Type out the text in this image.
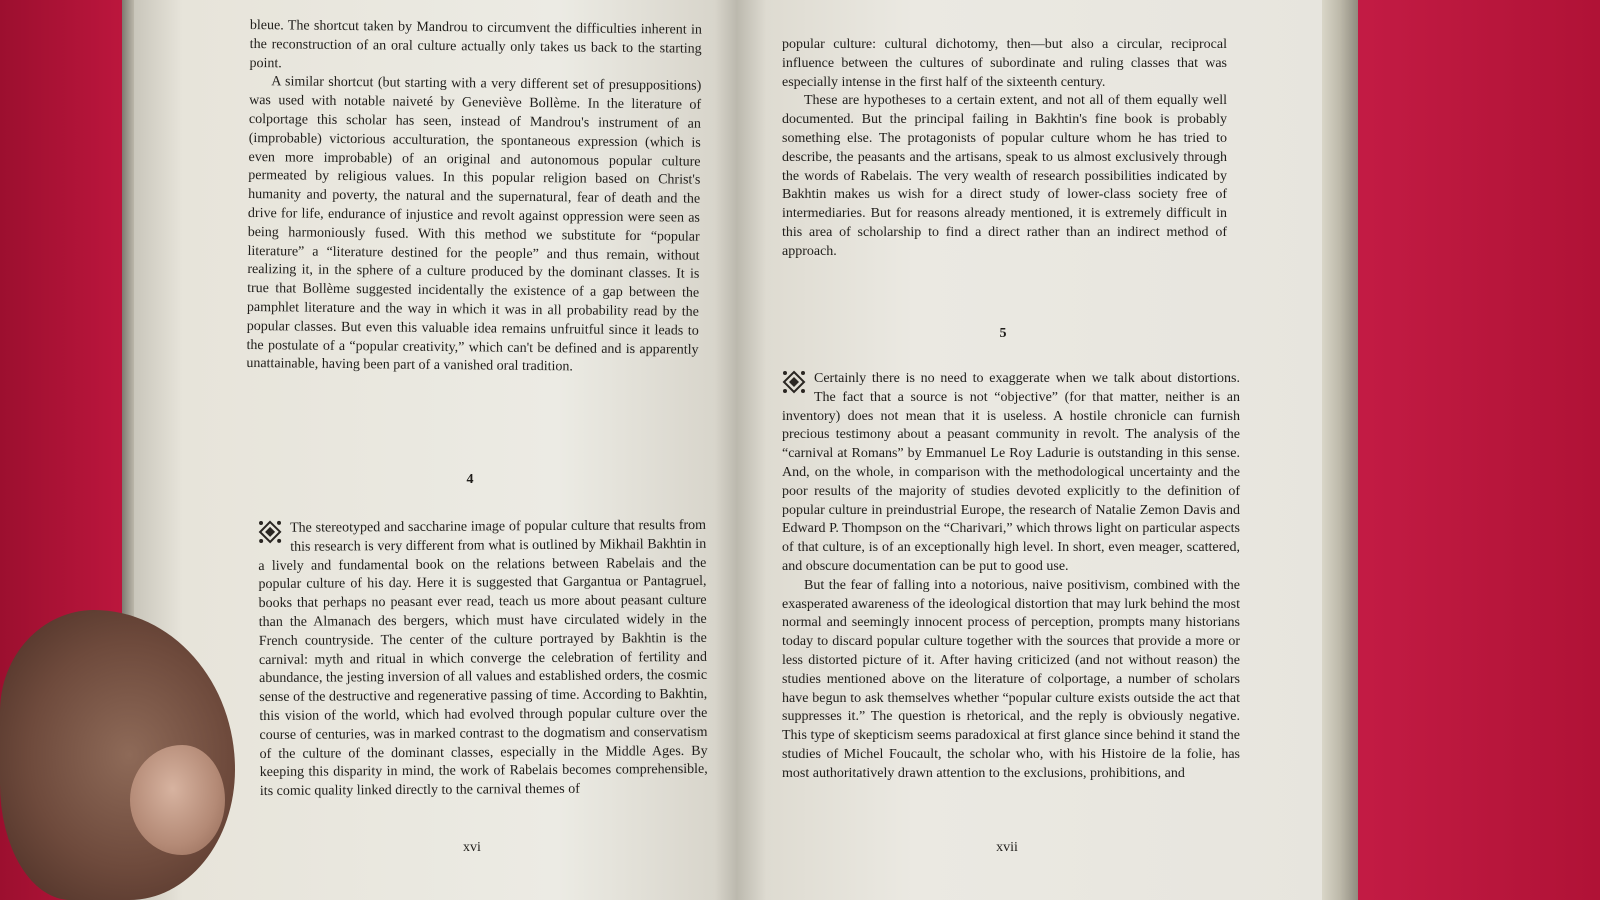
bleue. The shortcut taken by Mandrou to circumvent the difficulties inherent in the reconstruction of an oral culture actually only takes us back to the starting point.

A similar shortcut (but starting with a very different set of presuppositions) was used with notable naiveté by Geneviève Bollème. In the literature of colportage this scholar has seen, instead of Mandrou's instrument of an (improbable) victorious acculturation, the spontaneous expression (which is even more improbable) of an original and autonomous popular culture permeated by religious values. In this popular religion based on Christ's humanity and poverty, the natural and the supernatural, fear of death and the drive for life, endurance of injustice and revolt against oppression were seen as being harmoniously fused. With this method we substitute for “popular literature” a “literature destined for the people” and thus remain, without realizing it, in the sphere of a culture produced by the dominant classes. It is true that Bollème suggested incidentally the existence of a gap between the pamphlet literature and the way in which it was in all probability read by the popular classes. But even this valuable idea remains unfruitful since it leads to the postulate of a “popular creativity,” which can't be defined and is apparently unattainable, having been part of a vanished oral tradition.

4

The stereotyped and saccharine image of popular culture that results from this research is very different from what is outlined by Mikhail Bakhtin in a lively and fundamental book on the relations between Rabelais and the popular culture of his day. Here it is suggested that Gargantua or Pantagruel, books that perhaps no peasant ever read, teach us more about peasant culture than the Almanach des bergers, which must have circulated widely in the French countryside. The center of the culture portrayed by Bakhtin is the carnival: myth and ritual in which converge the celebration of fertility and abundance, the jesting inversion of all values and established orders, the cosmic sense of the destructive and regenerative passing of time. According to Bakhtin, this vision of the world, which had evolved through popular culture over the course of centuries, was in marked contrast to the dogmatism and conservatism of the culture of the dominant classes, especially in the Middle Ages. By keeping this disparity in mind, the work of Rabelais becomes comprehensible, its comic quality linked directly to the carnival themes of

xvi

popular culture: cultural dichotomy, then—but also a circular, reciprocal influence between the cultures of subordinate and ruling classes that was especially intense in the first half of the sixteenth century.

These are hypotheses to a certain extent, and not all of them equally well documented. But the principal failing in Bakhtin's fine book is probably something else. The protagonists of popular culture whom he has tried to describe, the peasants and the artisans, speak to us almost exclusively through the words of Rabelais. The very wealth of research possibilities indicated by Bakhtin makes us wish for a direct study of lower-class society free of intermediaries. But for reasons already mentioned, it is extremely difficult in this area of scholarship to find a direct rather than an indirect method of approach.

5

Certainly there is no need to exaggerate when we talk about distortions. The fact that a source is not “objective” (for that matter, neither is an inventory) does not mean that it is useless. A hostile chronicle can furnish precious testimony about a peasant community in revolt. The analysis of the “carnival at Romans” by Emmanuel Le Roy Ladurie is outstanding in this sense. And, on the whole, in comparison with the methodological uncertainty and the poor results of the majority of studies devoted explicitly to the definition of popular culture in preindustrial Europe, the research of Natalie Zemon Davis and Edward P. Thompson on the “Charivari,” which throws light on particular aspects of that culture, is of an exceptionally high level. In short, even meager, scattered, and obscure documentation can be put to good use.

But the fear of falling into a notorious, naive positivism, combined with the exasperated awareness of the ideological distortion that may lurk behind the most normal and seemingly innocent process of perception, prompts many historians today to discard popular culture together with the sources that provide a more or less distorted picture of it. After having criticized (and not without reason) the studies mentioned above on the literature of colportage, a number of scholars have begun to ask themselves whether “popular culture exists outside the act that suppresses it.” The question is rhetorical, and the reply is obviously negative. This type of skepticism seems paradoxical at first glance since behind it stand the studies of Michel Foucault, the scholar who, with his Histoire de la folie, has most authoritatively drawn attention to the exclusions, prohibitions, and

xvii
